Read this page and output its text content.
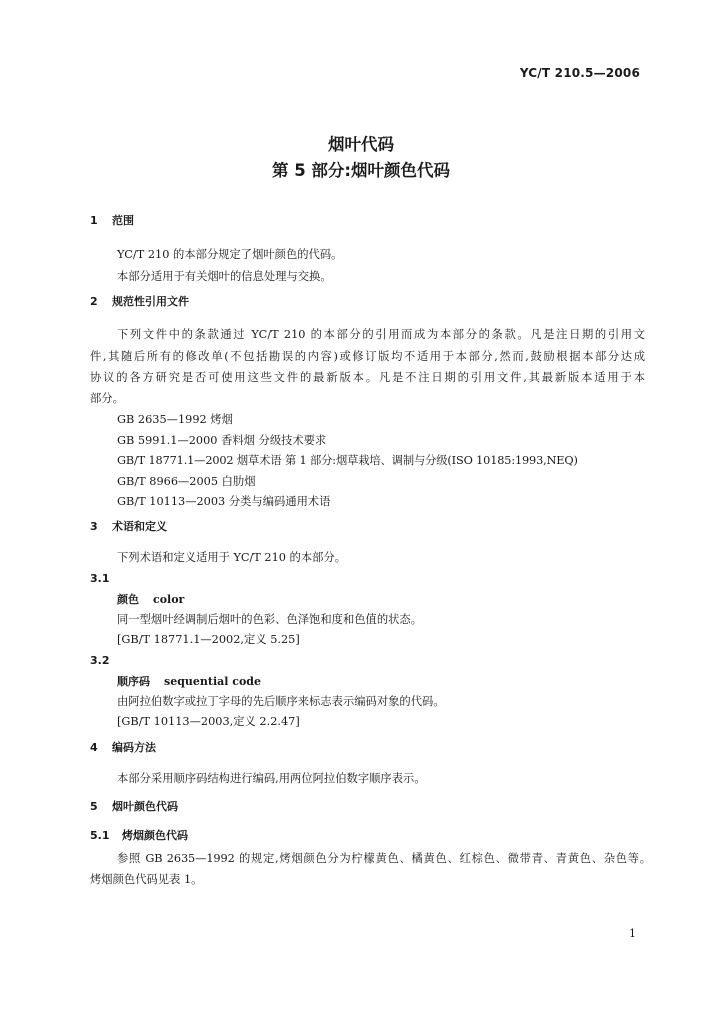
YC/T 210.5—2006
烟叶代码
第 5 部分:烟叶颜色代码
1 范围
YC/T 210 的本部分规定了烟叶颜色的代码。
本部分适用于有关烟叶的信息处理与交换。
2 规范性引用文件
下列文件中的条款通过 YC/T 210 的本部分的引用而成为本部分的条款。凡是注日期的引用文
件,其随后所有的修改单(不包括勘误的内容)或修订版均不适用于本部分,然而,鼓励根据本部分达成
协议的各方研究是否可使用这些文件的最新版本。凡是不注日期的引用文件,其最新版本适用于本
部分。
GB 2635—1992 烤烟
GB 5991.1—2000 香料烟 分级技术要求
GB/T 18771.1—2002 烟草术语 第 1 部分:烟草栽培、调制与分级(ISO 10185:1993,NEQ)
GB/T 8966—2005 白肋烟
GB/T 10113—2003 分类与编码通用术语
3 术语和定义
下列术语和定义适用于 YC/T 210 的本部分。
3.1
颜色 color
同一型烟叶经调制后烟叶的色彩、色泽饱和度和色值的状态。
[GB/T 18771.1—2002,定义 5.25]
3.2
顺序码 sequential code
由阿拉伯数字或拉丁字母的先后顺序来标志表示编码对象的代码。
[GB/T 10113—2003,定义 2.2.47]
4 编码方法
本部分采用顺序码结构进行编码,用两位阿拉伯数字顺序表示。
5 烟叶颜色代码
5.1 烤烟颜色代码
参照 GB 2635—1992 的规定,烤烟颜色分为柠檬黄色、橘黄色、红棕色、微带青、青黄色、杂色等。
烤烟颜色代码见表 1。
1
